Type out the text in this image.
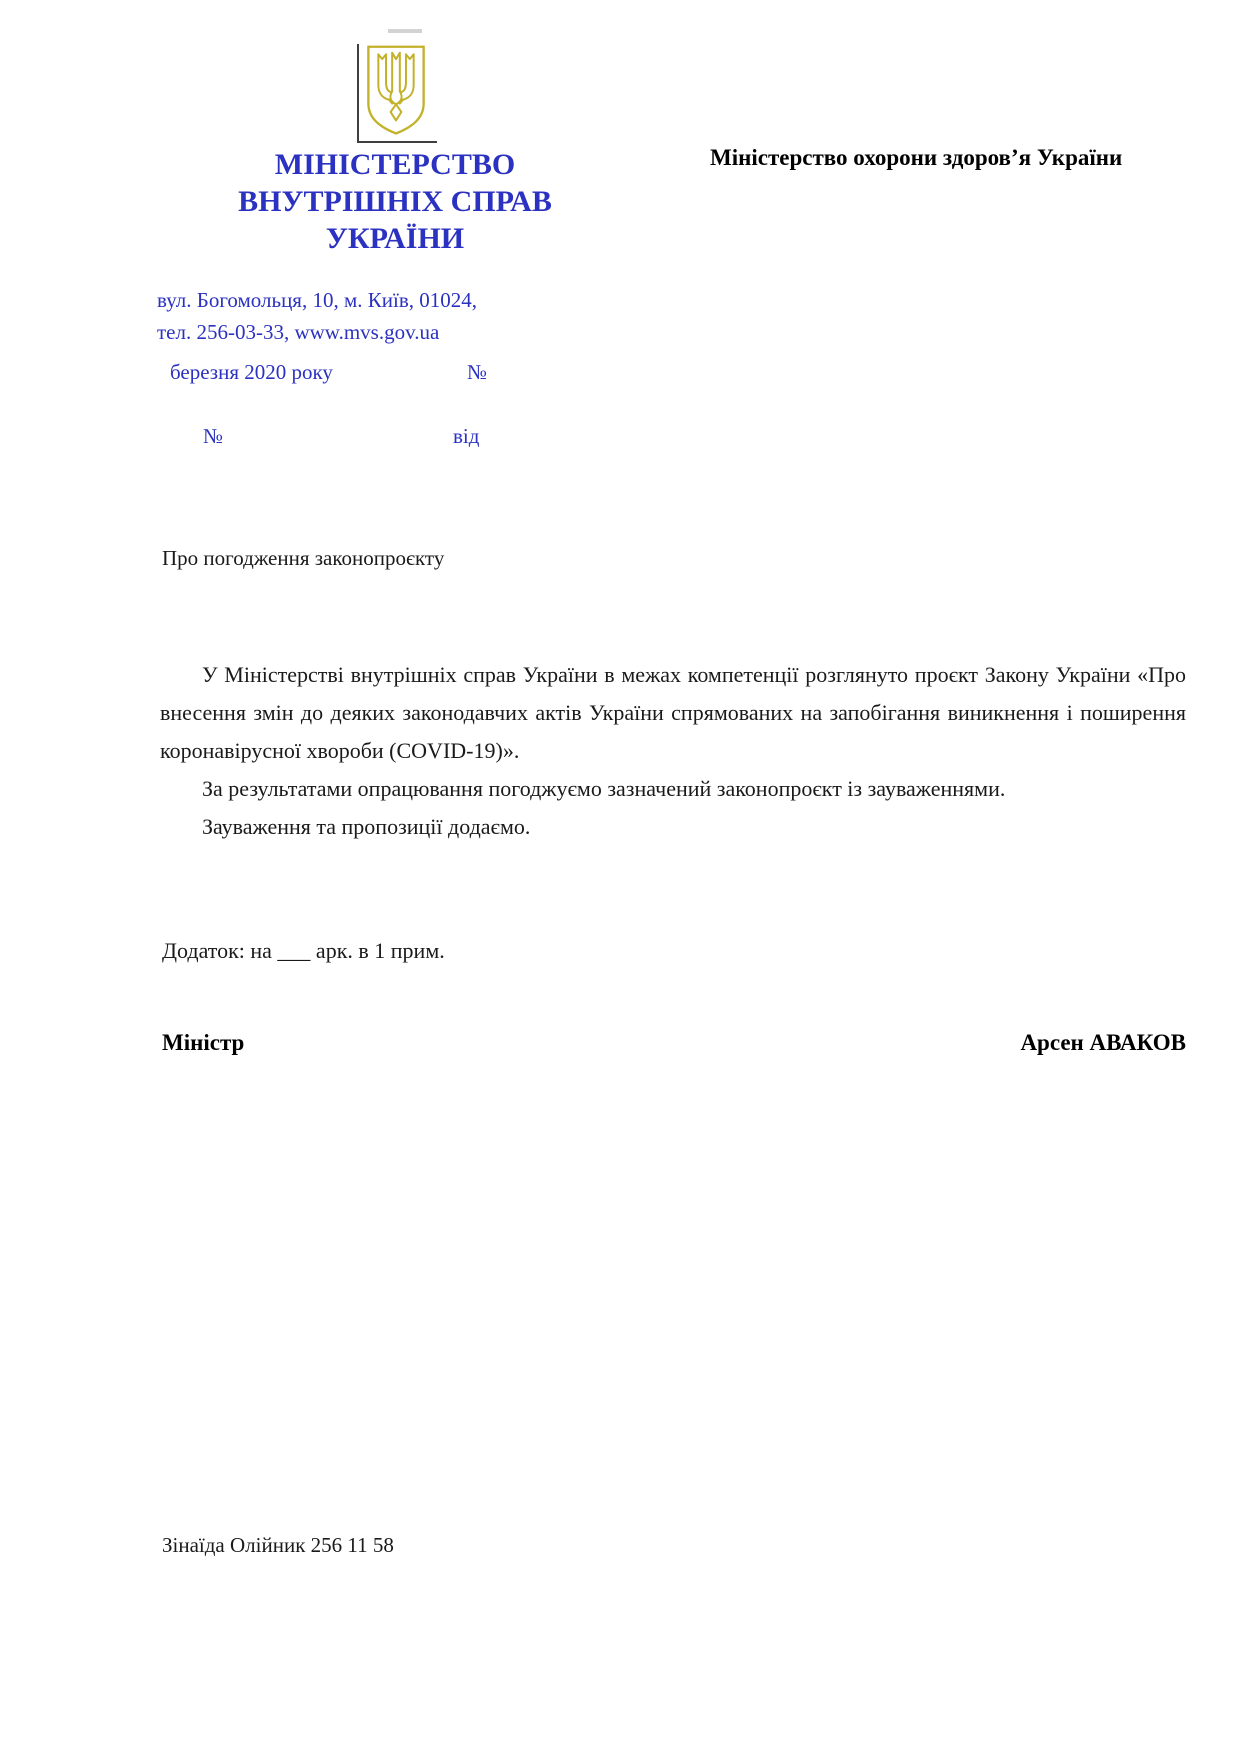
МІНІСТЕРСТВО
ВНУТРІШНІХ СПРАВ
УКРАЇНИ
Міністерство охорони здоров’я України
вул. Богомольця, 10, м. Київ, 01024,
тел. 256-03-33, www.mvs.gov.ua
березня 2020 року	№
№	від
Про погодження законопроєкту

У Міністерстві внутрішніх справ України в межах компетенції розглянуто проєкт Закону України «Про внесення змін до деяких законодавчих актів України спрямованих на запобігання виникнення і поширення коронавірусної хвороби (COVID-19)».

За результатами опрацювання погоджуємо зазначений законопроєкт із зауваженнями.

Зауваження та пропозиції додаємо.

Додаток: на ___ арк. в 1 прим.
Міністр	Арсен АВАКОВ
Зінаїда Олійник 256 11 58
